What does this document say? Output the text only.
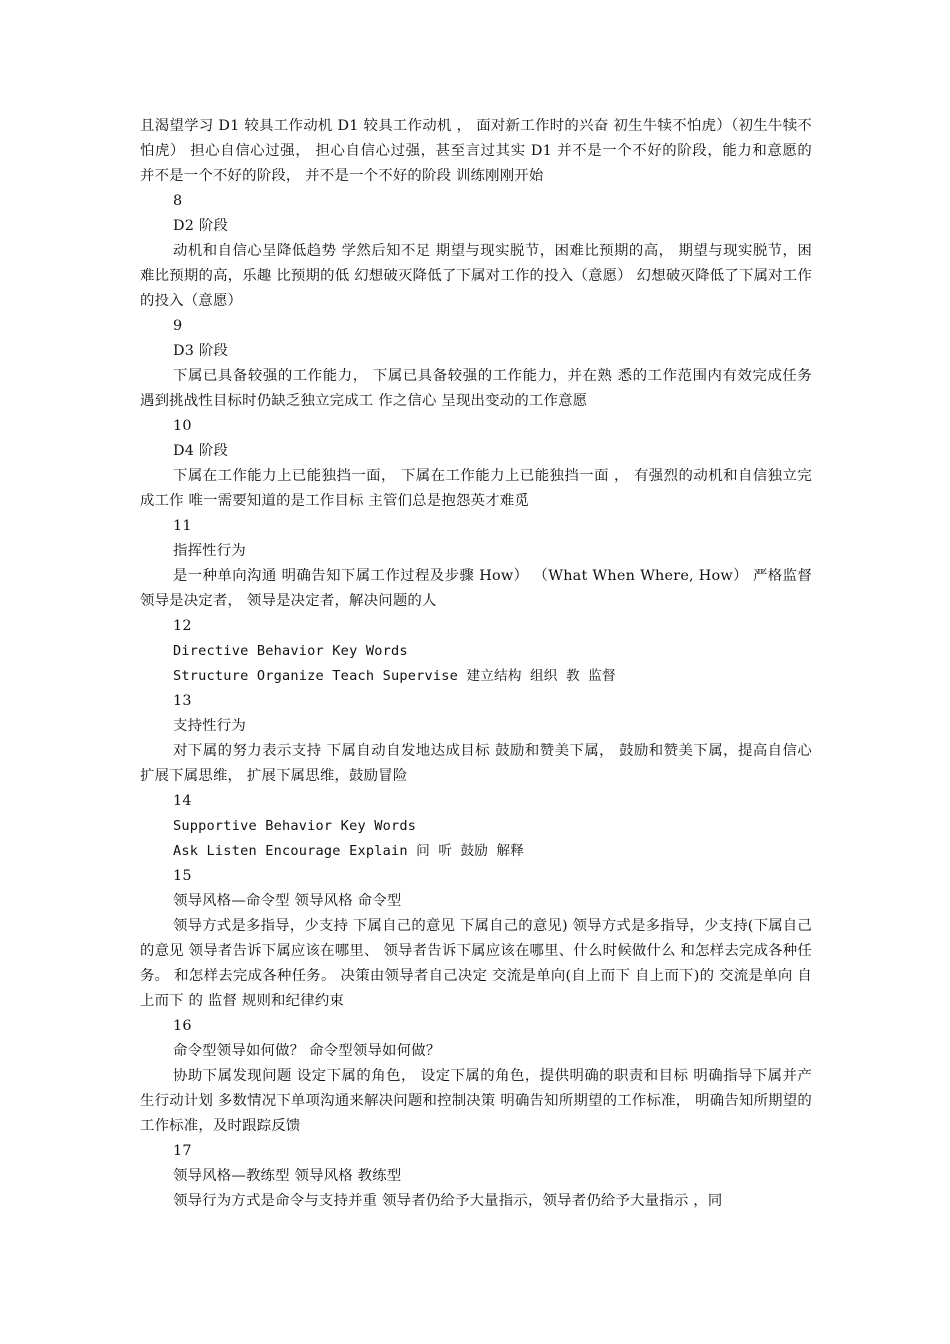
且渴望学习 D1 较具工作动机 D1 较具工作动机 ， 面对新工作时的兴奋 初生牛犊不怕虎）（初生牛犊不怕虎） 担心自信心过强， 担心自信心过强，甚至言过其实 D1 并不是一个不好的阶段，能力和意愿的 并不是一个不好的阶段， 并不是一个不好的阶段 训练刚刚开始
8
D2 阶段
动机和自信心呈降低趋势 学然后知不足 期望与现实脱节，困难比预期的高， 期望与现实脱节，困难比预期的高，乐趣 比预期的低 幻想破灭降低了下属对工作的投入（意愿） 幻想破灭降低了下属对工作的投入（意愿）
9
D3 阶段
下属已具备较强的工作能力， 下属已具备较强的工作能力，并在熟 悉的工作范围内有效完成任务 遇到挑战性目标时仍缺乏独立完成工 作之信心 呈现出变动的工作意愿
10
D4 阶段
下属在工作能力上已能独挡一面， 下属在工作能力上已能独挡一面 ， 有强烈的动机和自信独立完成工作 唯一需要知道的是工作目标 主管们总是抱怨英才难觅
11
指挥性行为
是一种单向沟通 明确告知下属工作过程及步骤 How） （What When Where, How） 严格监督 领导是决定者， 领导是决定者，解决问题的人
12
Directive Behavior Key Words
Structure Organize Teach Supervise 建立结构 组织 教 监督
13
支持性行为
对下属的努力表示支持 下属自动自发地达成目标 鼓励和赞美下属， 鼓励和赞美下属，提高自信心 扩展下属思维， 扩展下属思维，鼓励冒险
14
Supportive Behavior Key Words
Ask Listen Encourage Explain 问 听 鼓励 解释
15
领导风格—命令型 领导风格 命令型
领导方式是多指导，少支持 下属自己的意见 下属自己的意见) 领导方式是多指导，少支持(下属自己的意见 领导者告诉下属应该在哪里、 领导者告诉下属应该在哪里、什么时候做什么 和怎样去完成各种任务。 和怎样去完成各种任务。 决策由领导者自己决定 交流是单向(自上而下 自上而下)的 交流是单向 自上而下 的 监督 规则和纪律约束
16
命令型领导如何做？ 命令型领导如何做？
协助下属发现问题 设定下属的角色， 设定下属的角色，提供明确的职责和目标 明确指导下属并产生行动计划 多数情况下单项沟通来解决问题和控制决策 明确告知所期望的工作标准， 明确告知所期望的工作标准，及时跟踪反馈
17
领导风格—教练型 领导风格 教练型
领导行为方式是命令与支持并重 领导者仍给予大量指示，领导者仍给予大量指示 ，同
